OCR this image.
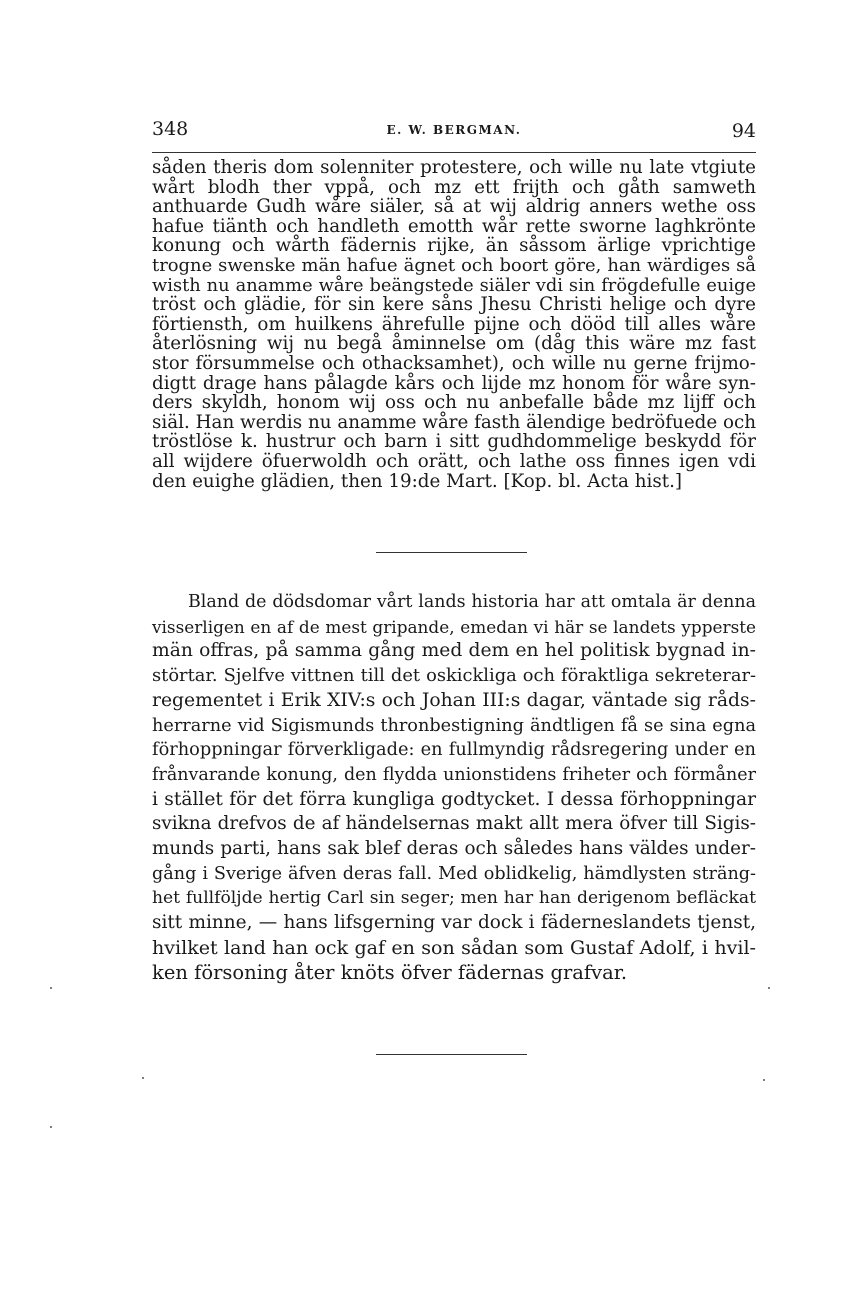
348	E. W. BERGMAN.	94
såden theris dom solenniter protestere, och wille nu late vtgiute
wårt blodh ther vppå, och mz ett frijth och gåth samweth
anthuarde Gudh wåre siäler, så at wij aldrig anners wethe oss
hafue tiänth och handleth emotth wår rette sworne laghkrönte
konung och wårth fädernis rijke, än såssom ärlige vprichtige
trogne swenske män hafue ägnet och boort göre, han wärdiges så
wisth nu anamme wåre beängstede siäler vdi sin frögdefulle euige
tröst och glädie, för sin kere såns Jhesu Christi helige och dyre
förtiensth, om huilkens ährefulle pijne och dööd till alles wåre
återlösning wij nu begå åminnelse om (dåg this wäre mz fast
stor försummelse och othacksamhet), och wille nu gerne frijmo-
digtt drage hans pålagde kårs och lijde mz honom för wåre syn-
ders skyldh, honom wij oss och nu anbefalle både mz lijff och
siäl. Han werdis nu anamme wåre fasth älendige bedröfuede och
tröstlöse k. hustrur och barn i sitt gudhdommelige beskydd för
all wijdere öfuerwoldh och orätt, och lathe oss finnes igen vdi
den euighe glädien, then 19:de Mart. [Kop. bl. Acta hist.]
Bland de dödsdomar vårt lands historia har att omtala är denna
visserligen en af de mest gripande, emedan vi här se landets ypperste
män offras, på samma gång med dem en hel politisk bygnad in-
störtar. Sjelfve vittnen till det oskickliga och föraktliga sekreterar-
regementet i Erik XIV:s och Johan III:s dagar, väntade sig råds-
herrarne vid Sigismunds thronbestigning ändtligen få se sina egna
förhoppningar förverkligade: en fullmyndig rådsregering under en
frånvarande konung, den flydda unionstidens friheter och förmåner
i stället för det förra kungliga godtycket. I dessa förhoppningar
svikna drefvos de af händelsernas makt allt mera öfver till Sigis-
munds parti, hans sak blef deras och således hans väldes under-
gång i Sverige äfven deras fall. Med oblidkelig, hämdlysten sträng-
het fullföljde hertig Carl sin seger; men har han derigenom befläckat
sitt minne, — hans lifsgerning var dock i fäderneslandets tjenst,
hvilket land han ock gaf en son sådan som Gustaf Adolf, i hvil-
ken försoning åter knöts öfver fädernas grafvar.
